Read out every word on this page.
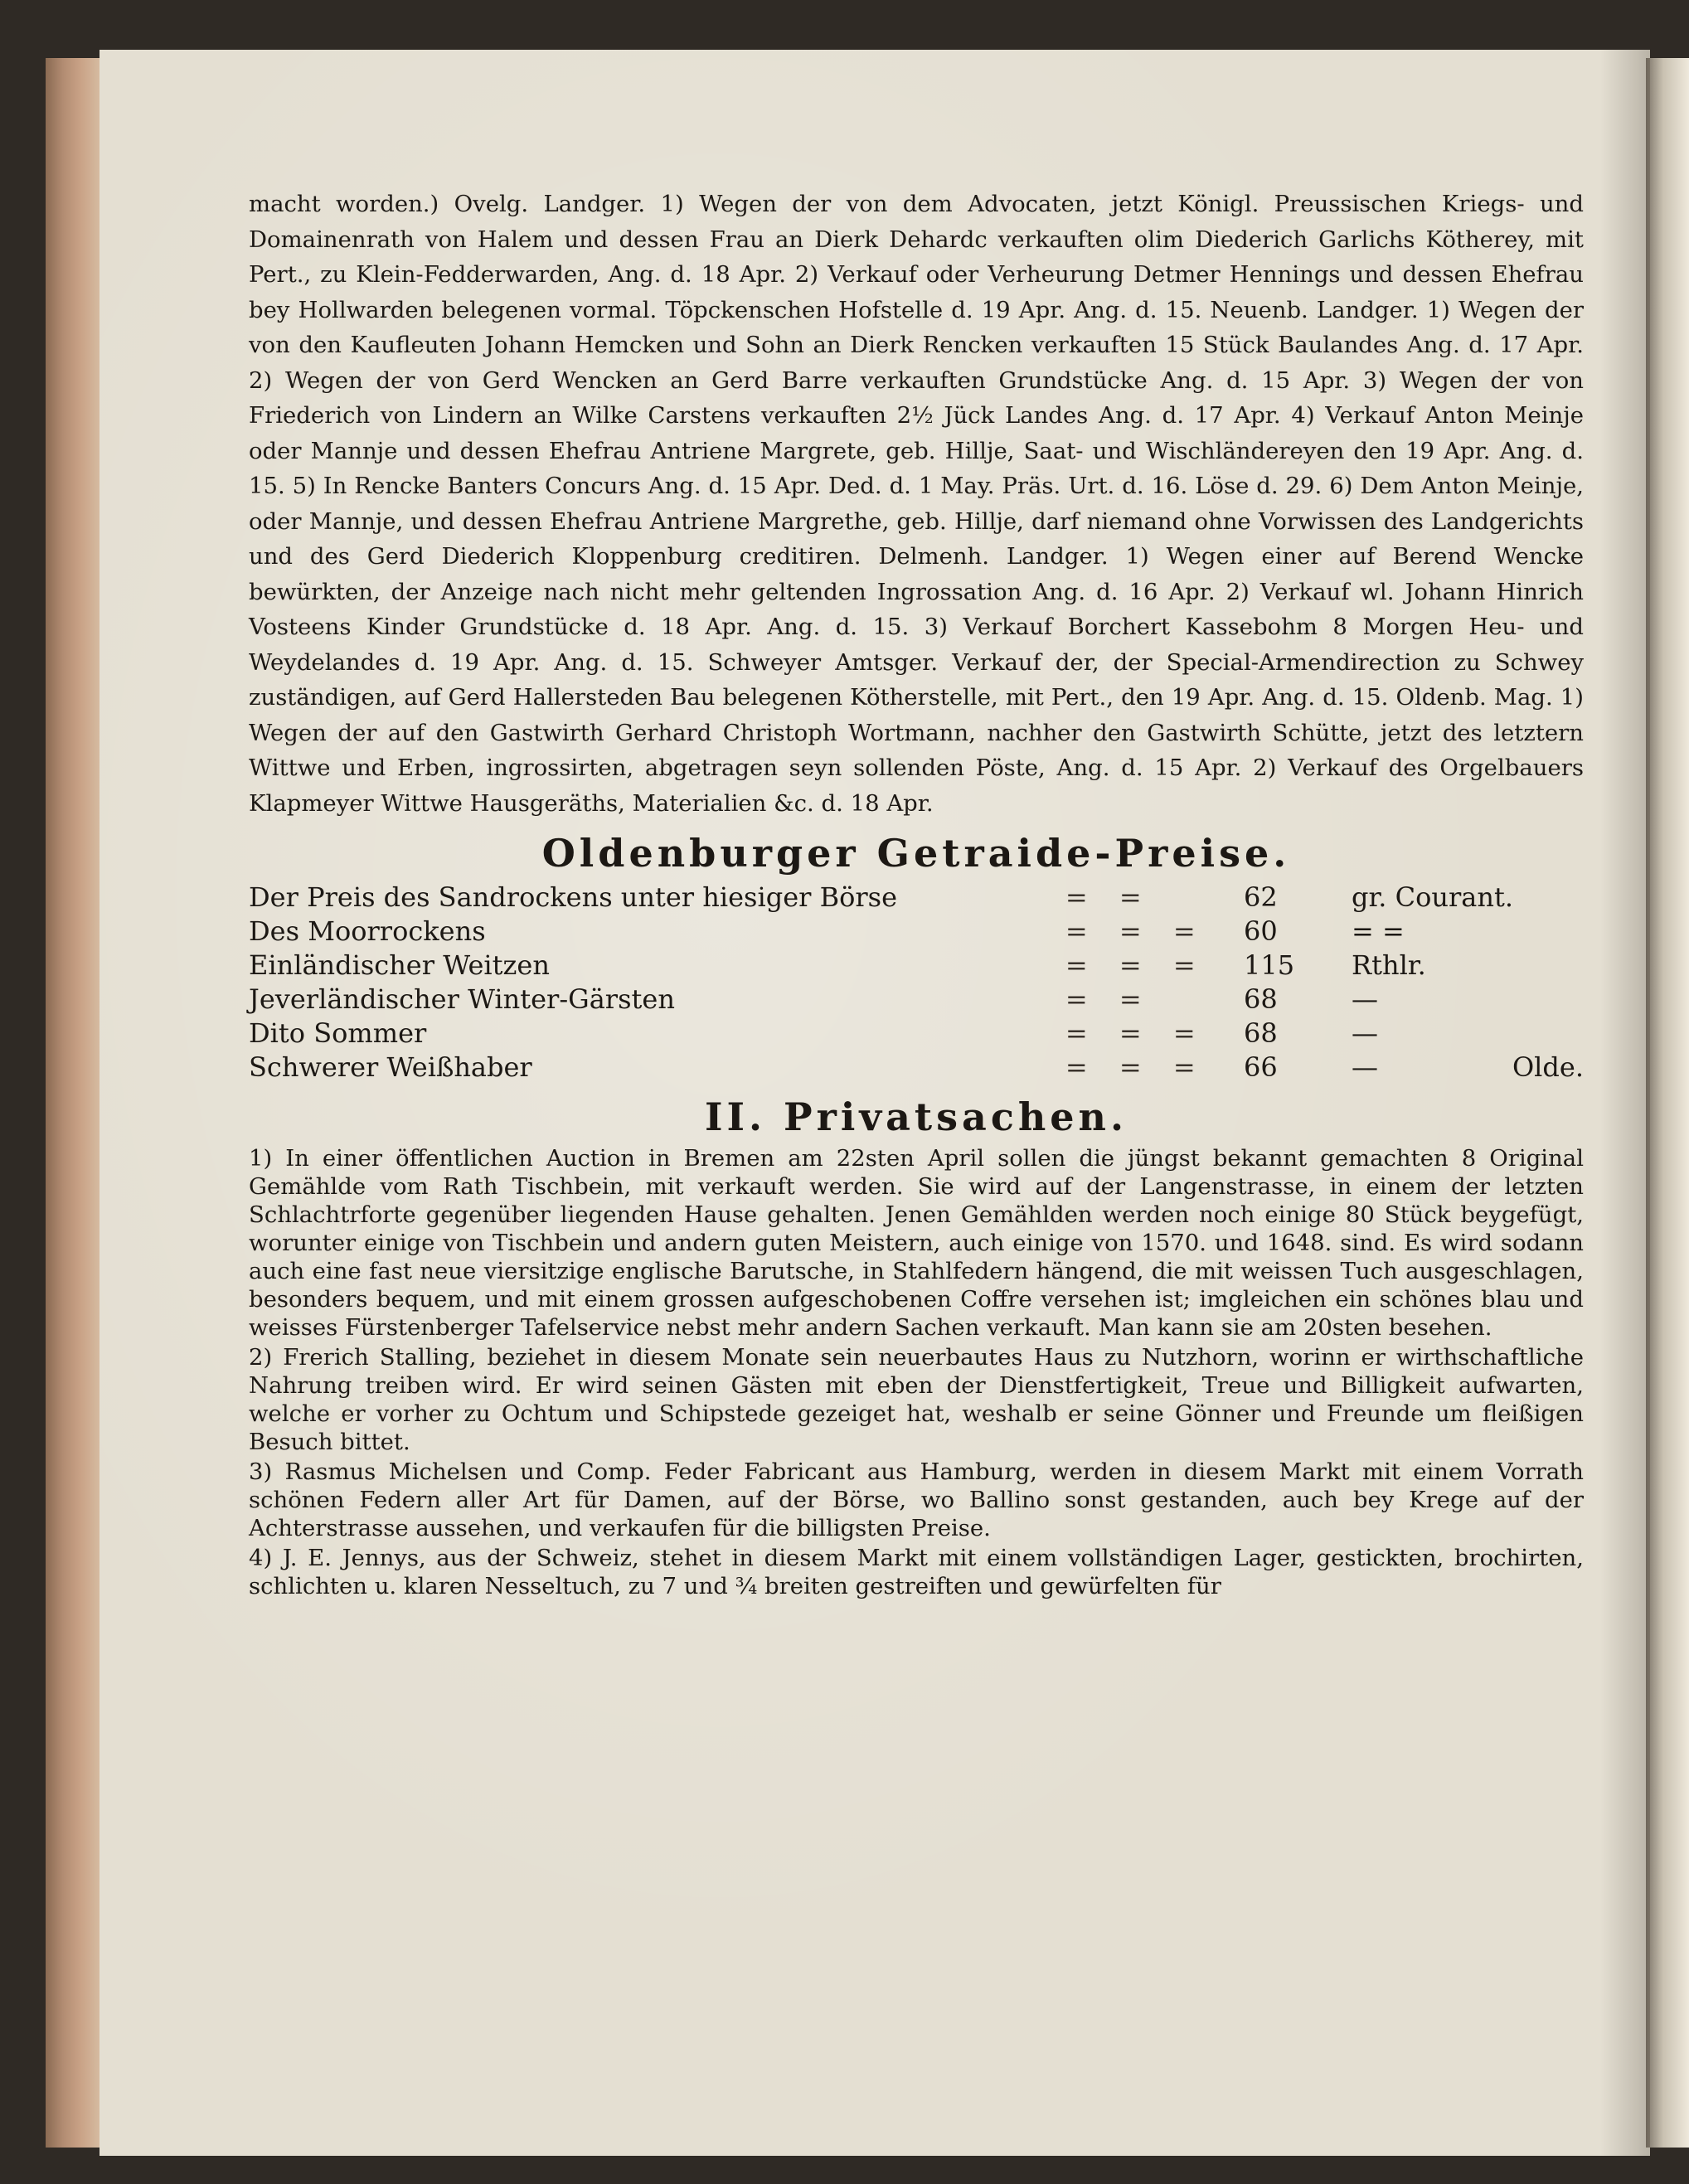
macht worden.) Ovelg. Landger. 1) Wegen der von dem Advocaten, jetzt Königl. Preussischen Kriegs- und Domainenrath von Halem und dessen Frau an Dierk Dehardc verkauften olim Diederich Garlichs Kötherey, mit Pert., zu Klein-Fedderwarden, Ang. d. 18 Apr. 2) Verkauf oder Verheurung Detmer Hennings und dessen Ehefrau bey Hollwarden belegenen vormal. Töpckenschen Hofstelle d. 19 Apr. Ang. d. 15. Neuenb. Landger. 1) Wegen der von den Kaufleuten Johann Hemcken und Sohn an Dierk Rencken verkauften 15 Stück Baulandes Ang. d. 17 Apr. 2) Wegen der von Gerd Wencken an Gerd Barre verkauften Grundstücke Ang. d. 15 Apr. 3) Wegen der von Friederich von Lindern an Wilke Carstens verkauften 2½ Jück Landes Ang. d. 17 Apr. 4) Verkauf Anton Meinje oder Mannje und dessen Ehefrau Antriene Margrete, geb. Hillje, Saat- und Wischländereyen den 19 Apr. Ang. d. 15. 5) In Rencke Banters Concurs Ang. d. 15 Apr. Ded. d. 1 May. Präs. Urt. d. 16. Löse d. 29. 6) Dem Anton Meinje, oder Mannje, und dessen Ehefrau Antriene Margrethe, geb. Hillje, darf niemand ohne Vorwissen des Landgerichts und des Gerd Diederich Kloppenburg creditiren. Delmenh. Landger. 1) Wegen einer auf Berend Wencke bewürkten, der Anzeige nach nicht mehr geltenden Ingrossation Ang. d. 16 Apr. 2) Verkauf wl. Johann Hinrich Vosteens Kinder Grundstücke d. 18 Apr. Ang. d. 15. 3) Verkauf Borchert Kassebohm 8 Morgen Heu- und Weydelandes d. 19 Apr. Ang. d. 15. Schweyer Amtsger. Verkauf der, der Special-Armendirection zu Schwey zuständigen, auf Gerd Hallersteden Bau belegenen Kötherstelle, mit Pert., den 19 Apr. Ang. d. 15. Oldenb. Mag. 1) Wegen der auf den Gastwirth Gerhard Christoph Wortmann, nachher den Gastwirth Schütte, jetzt des letztern Wittwe und Erben, ingrossirten, abgetragen seyn sollenden Pöste, Ang. d. 15 Apr. 2) Verkauf des Orgelbauers Klapmeyer Wittwe Hausgeräths, Materialien &c. d. 18 Apr.

Oldenburger Getraide-Preise.
Der Preis des Sandrockens unter hiesiger Börse	= =	62	gr. Courant.
Des Moorrockens	= = =	60	= =
Einländischer Weitzen	= = =	115	Rthlr.
Jeverländischer Winter-Gärsten	= =	68	—
Dito Sommer	= = =	68	—
Schwerer Weißhaber	= = =	66	— Olde.
II. Privatsachen.

1) In einer öffentlichen Auction in Bremen am 22sten April sollen die jüngst bekannt gemachten 8 Original Gemählde vom Rath Tischbein, mit verkauft werden. Sie wird auf der Langenstrasse, in einem der letzten Schlachtrforte gegenüber liegenden Hause gehalten. Jenen Gemählden werden noch einige 80 Stück beygefügt, worunter einige von Tischbein und andern guten Meistern, auch einige von 1570. und 1648. sind. Es wird sodann auch eine fast neue viersitzige englische Barutsche, in Stahlfedern hängend, die mit weissen Tuch ausgeschlagen, besonders bequem, und mit einem grossen aufgeschobenen Coffre versehen ist; imgleichen ein schönes blau und weisses Fürstenberger Tafelservice nebst mehr andern Sachen verkauft. Man kann sie am 20sten besehen.

2) Frerich Stalling, beziehet in diesem Monate sein neuerbautes Haus zu Nutzhorn, worinn er wirthschaftliche Nahrung treiben wird. Er wird seinen Gästen mit eben der Dienstfertigkeit, Treue und Billigkeit aufwarten, welche er vorher zu Ochtum und Schipstede gezeiget hat, weshalb er seine Gönner und Freunde um fleißigen Besuch bittet.

3) Rasmus Michelsen und Comp. Feder Fabricant aus Hamburg, werden in diesem Markt mit einem Vorrath schönen Federn aller Art für Damen, auf der Börse, wo Ballino sonst gestanden, auch bey Krege auf der Achterstrasse aussehen, und verkaufen für die billigsten Preise.

4) J. E. Jennys, aus der Schweiz, stehet in diesem Markt mit einem vollständigen Lager, gestickten, brochirten, schlichten u. klaren Nesseltuch, zu 7 und ¾ breiten gestreiften und gewürfelten für
